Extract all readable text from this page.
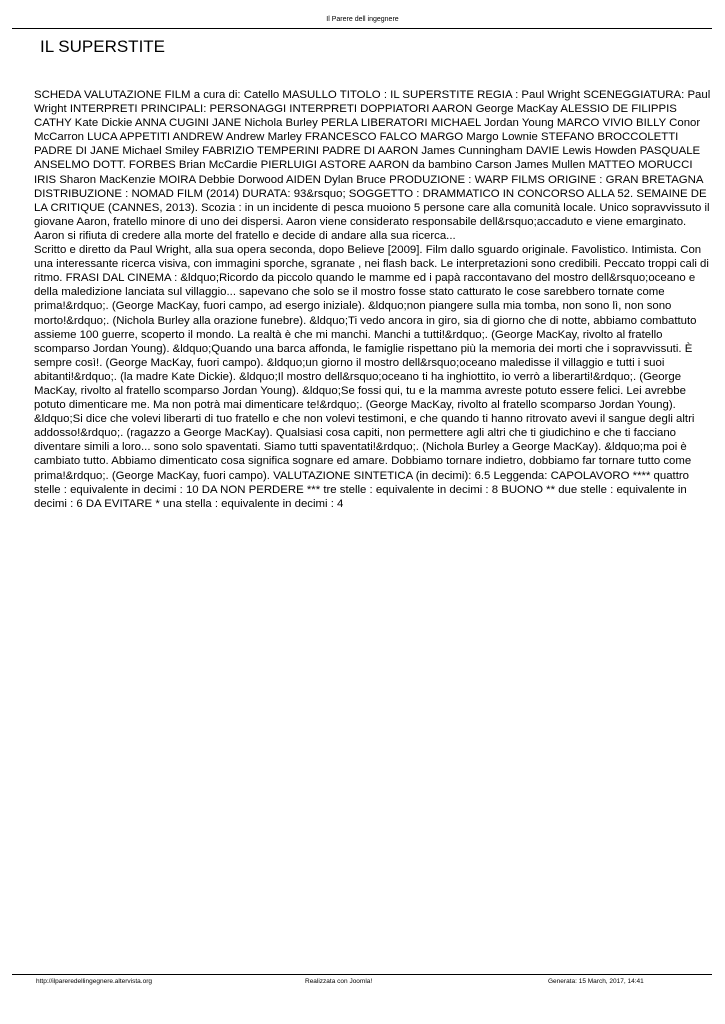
Il Parere dell ingegnere
IL SUPERSTITE

SCHEDA VALUTAZIONE FILM a cura di: Catello MASULLO TITOLO : IL SUPERSTITE REGIA : Paul Wright SCENEGGIATURA: Paul Wright INTERPRETI PRINCIPALI: PERSONAGGI INTERPRETI DOPPIATORI AARON George MacKay ALESSIO DE FILIPPIS CATHY Kate Dickie ANNA CUGINI JANE Nichola Burley PERLA LIBERATORI MICHAEL Jordan Young MARCO VIVIO BILLY Conor McCarron LUCA APPETITI ANDREW Andrew Marley FRANCESCO FALCO MARGO Margo Lownie STEFANO BROCCOLETTI PADRE DI JANE Michael Smiley FABRIZIO TEMPERINI PADRE DI AARON James Cunningham DAVIE Lewis Howden PASQUALE ANSELMO DOTT. FORBES Brian McCardie PIERLUIGI ASTORE AARON da bambino Carson James Mullen MATTEO MORUCCI IRIS Sharon MacKenzie MOIRA Debbie Dorwood AIDEN Dylan Bruce PRODUZIONE : WARP FILMS ORIGINE : GRAN BRETAGNA DISTRIBUZIONE : NOMAD FILM (2014) DURATA: 93&rsquo; SOGGETTO : DRAMMATICO IN CONCORSO ALLA 52. SEMAINE DE LA CRITIQUE (CANNES, 2013). Scozia : in un incidente di pesca muoiono 5 persone care alla comunità locale. Unico sopravvissuto il giovane Aaron, fratello minore di uno dei dispersi. Aaron viene considerato responsabile dell&rsquo;accaduto e viene emarginato. Aaron si rifiuta di credere alla morte del fratello e decide di andare alla sua ricerca...

Scritto e diretto da Paul Wright, alla sua opera seconda, dopo Believe [2009]. Film dallo sguardo originale. Favolistico. Intimista. Con una interessante ricerca visiva, con immagini sporche, sgranate , nei flash back. Le interpretazioni sono credibili. Peccato troppi cali di ritmo. FRASI DAL CINEMA : &ldquo;Ricordo da piccolo quando le mamme ed i papà raccontavano del mostro dell&rsquo;oceano e della maledizione lanciata sul villaggio... sapevano che solo se il mostro fosse stato catturato le cose sarebbero tornate come prima!&rdquo;. (George MacKay, fuori campo, ad esergo iniziale). &ldquo;non piangere sulla mia tomba, non sono lì, non sono morto!&rdquo;. (Nichola Burley alla orazione funebre). &ldquo;Ti vedo ancora in giro, sia di giorno che di notte, abbiamo combattuto assieme 100 guerre, scoperto il mondo. La realtà è che mi manchi. Manchi a tutti!&rdquo;. (George MacKay, rivolto al fratello scomparso Jordan Young). &ldquo;Quando una barca affonda, le famiglie rispettano più la memoria dei morti che i sopravvissuti. È sempre così!. (George MacKay, fuori campo). &ldquo;un giorno il mostro dell&rsquo;oceano maledisse il villaggio e tutti i suoi abitanti!&rdquo;. (la madre Kate Dickie). &ldquo;Il mostro dell&rsquo;oceano ti ha inghiottito, io verrò a liberarti!&rdquo;. (George MacKay, rivolto al fratello scomparso Jordan Young). &ldquo;Se fossi qui, tu e la mamma avreste potuto essere felici. Lei avrebbe potuto dimenticare me. Ma non potrà mai dimenticare te!&rdquo;. (George MacKay, rivolto al fratello scomparso Jordan Young). &ldquo;Si dice che volevi liberarti di tuo fratello e che non volevi testimoni, e che quando ti hanno ritrovato avevi il sangue degli altri addosso!&rdquo;. (ragazzo a George MacKay). Qualsiasi cosa capiti, non permettere agli altri che ti giudichino e che ti facciano diventare simili a loro... sono solo spaventati. Siamo tutti spaventati!&rdquo;. (Nichola Burley a George MacKay). &ldquo;ma poi è cambiato tutto. Abbiamo dimenticato cosa significa sognare ed amare. Dobbiamo tornare indietro, dobbiamo far tornare tutto come prima!&rdquo;. (George MacKay, fuori campo). VALUTAZIONE SINTETICA (in decimi): 6.5 Leggenda: CAPOLAVORO **** quattro stelle : equivalente in decimi : 10 DA NON PERDERE *** tre stelle : equivalente in decimi : 8 BUONO ** due stelle : equivalente in decimi : 6 DA EVITARE * una stella : equivalente in decimi : 4

http://ilpareredellingegnere.altervista.org	Realizzata con Joomla!	Generata: 15 March, 2017, 14:41
